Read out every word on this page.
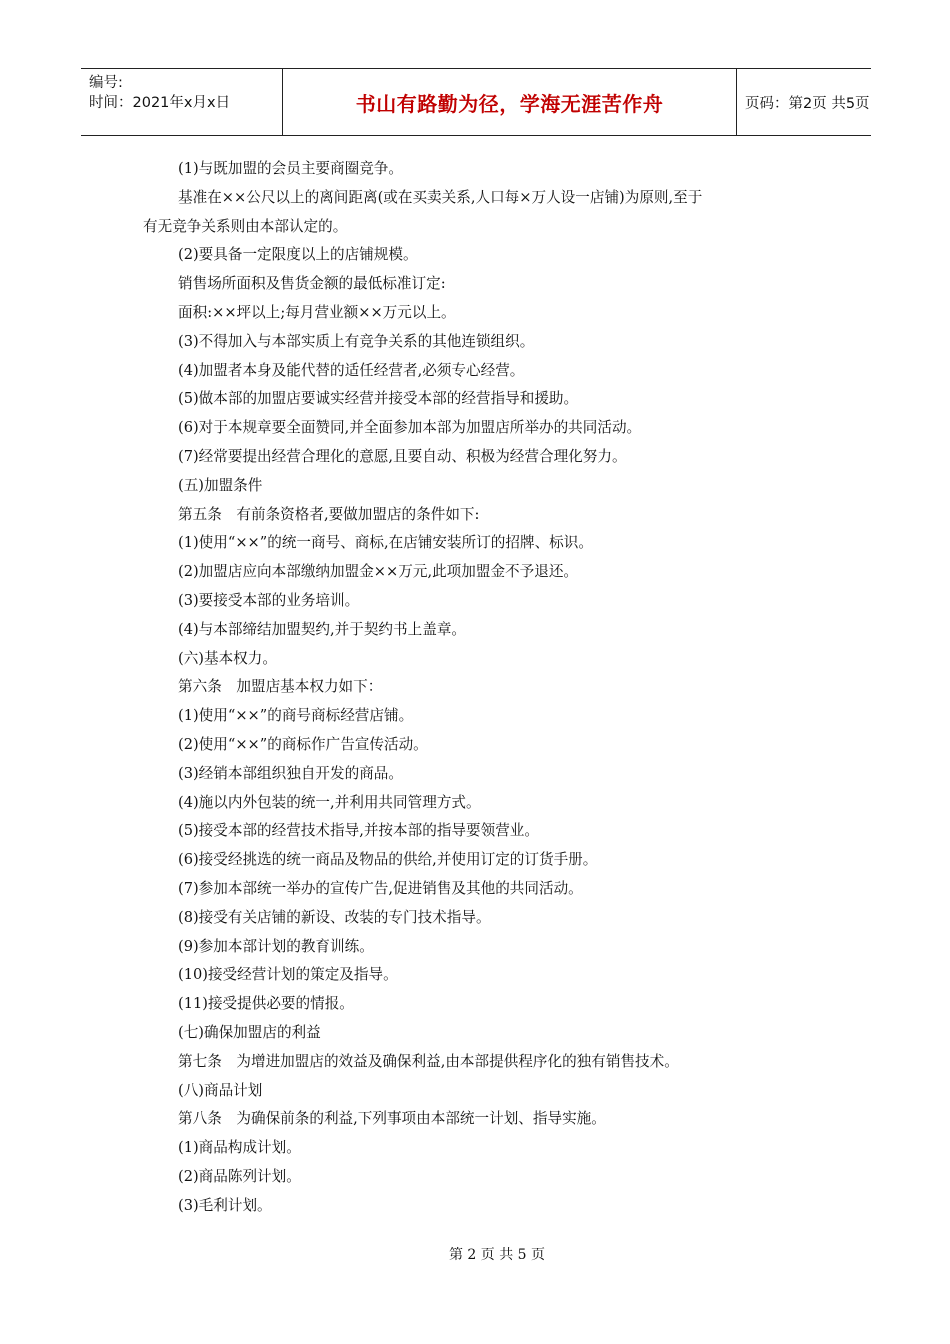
编号:
时间：2021年x月x日	书山有路勤为径，学海无涯苦作舟	页码：第2页 共5页
(1)与既加盟的会员主要商圈竞争。
基准在××公尺以上的离间距离(或在买卖关系,人口每×万人设一店铺)为原则,至于
有无竞争关系则由本部认定的。
(2)要具备一定限度以上的店铺规模。
销售场所面积及售货金额的最低标准订定:
面积:××坪以上;每月营业额××万元以上。
(3)不得加入与本部实质上有竞争关系的其他连锁组织。
(4)加盟者本身及能代替的适任经营者,必须专心经营。
(5)做本部的加盟店要诚实经营并接受本部的经营指导和援助。
(6)对于本规章要全面赞同,并全面参加本部为加盟店所举办的共同活动。
(7)经常要提出经营合理化的意愿,且要自动、积极为经营合理化努力。
(五)加盟条件
第五条　有前条资格者,要做加盟店的条件如下:
(1)使用“××”的统一商号、商标,在店铺安装所订的招牌、标识。
(2)加盟店应向本部缴纳加盟金××万元,此项加盟金不予退还。
(3)要接受本部的业务培训。
(4)与本部缔结加盟契约,并于契约书上盖章。
(六)基本权力。
第六条　加盟店基本权力如下：
(1)使用“××”的商号商标经营店铺。
(2)使用“××”的商标作广告宣传活动。
(3)经销本部组织独自开发的商品。
(4)施以内外包装的统一,并利用共同管理方式。
(5)接受本部的经营技术指导,并按本部的指导要领营业。
(6)接受经挑选的统一商品及物品的供给,并使用订定的订货手册。
(7)参加本部统一举办的宣传广告,促进销售及其他的共同活动。
(8)接受有关店铺的新设、改装的专门技术指导。
(9)参加本部计划的教育训练。
(10)接受经营计划的策定及指导。
(11)接受提供必要的情报。
(七)确保加盟店的利益
第七条　为增进加盟店的效益及确保利益,由本部提供程序化的独有销售技术。
(八)商品计划
第八条　为确保前条的利益,下列事项由本部统一计划、指导实施。
(1)商品构成计划。
(2)商品陈列计划。
(3)毛利计划。
第 2 页 共 5 页
